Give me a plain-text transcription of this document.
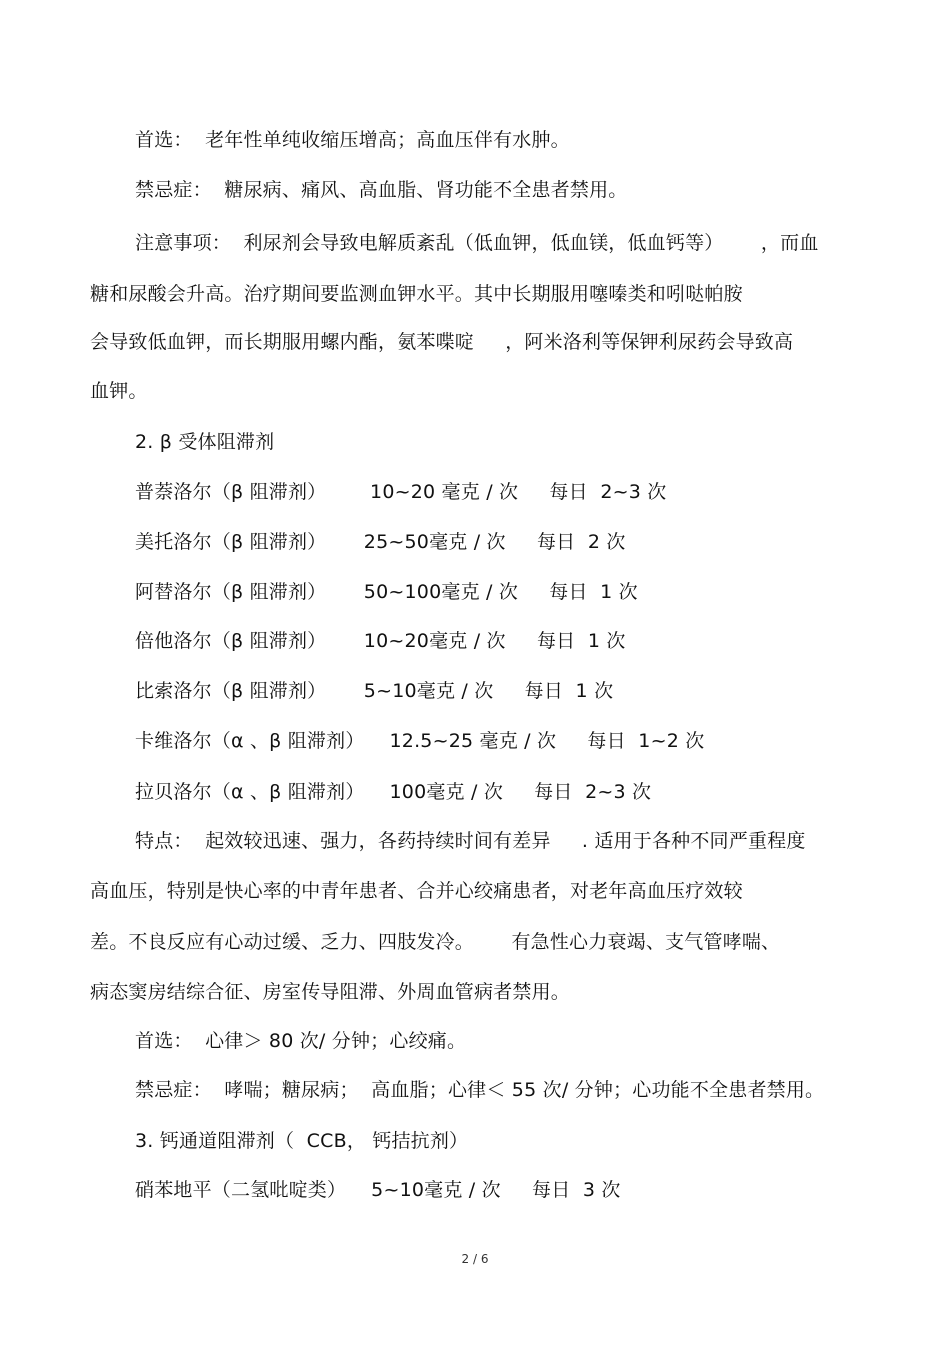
首选：  老年性单纯收缩压增高；高血压伴有水肿。
禁忌症：  糖尿病、痛风、高血脂、肾功能不全患者禁用。
注意事项：  利尿剂会导致电解质紊乱（低血钾，低血镁，低血钙等）      ，而血
糖和尿酸会升高。治疗期间要监测血钾水平。其中长期服用噻嗪类和吲哒帕胺
会导致低血钾，而长期服用螺内酯，氨苯喋啶     ，阿米洛利等保钾利尿药会导致高
血钾。
2. β 受体阻滞剂
普萘洛尔（β 阻滞剂）       10~20 毫克 / 次     每日  2~3 次
美托洛尔（β 阻滞剂）      25~50毫克 / 次     每日  2 次
阿替洛尔（β 阻滞剂）      50~100毫克 / 次     每日  1 次
倍他洛尔（β 阻滞剂）      10~20毫克 / 次     每日  1 次
比索洛尔（β 阻滞剂）      5~10毫克 / 次     每日  1 次
卡维洛尔（α 、β 阻滞剂）    12.5~25 毫克 / 次     每日  1~2 次
拉贝洛尔（α 、β 阻滞剂）    100毫克 / 次     每日  2~3 次
特点：  起效较迅速、强力，各药持续时间有差异     . 适用于各种不同严重程度
高血压，特别是快心率的中青年患者、合并心绞痛患者，对老年高血压疗效较
差。不良反应有心动过缓、乏力、四肢发冷。      有急性心力衰竭、支气管哮喘、
病态窦房结综合征、房室传导阻滞、外周血管病者禁用。
首选：  心律＞ 80 次/ 分钟；心绞痛。
禁忌症：  哮喘；糖尿病；  高血脂；心律＜ 55 次/ 分钟；心功能不全患者禁用。
3. 钙通道阻滞剂（  CCB， 钙拮抗剂）
硝苯地平（二氢吡啶类）    5~10毫克 / 次     每日  3 次
2 / 6
